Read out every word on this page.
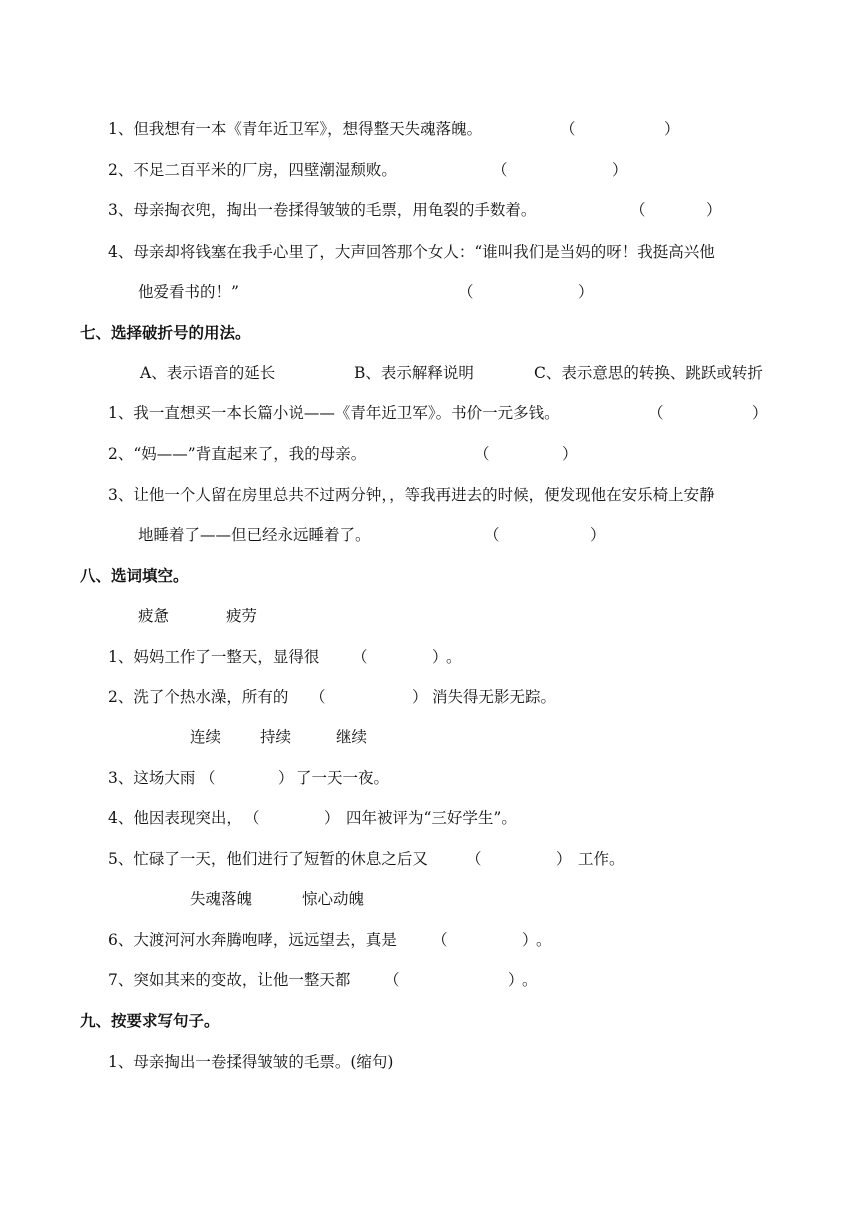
1、但我想有一本《青年近卫军》，想得整天失魂落魄。	（	）
2、不足二百平米的厂房，四壁潮湿颓败。	（	）
3、母亲掏衣兜，掏出一卷揉得皱皱的毛票，用龟裂的手数着。	（	）
4、母亲却将钱塞在我手心里了，大声回答那个女人：“谁叫我们是当妈的呀！我挺高兴他
他爱看书的！”	（	）
七、选择破折号的用法。
A、表示语音的延长	B、表示解释说明	C、表示意思的转换、跳跃或转折
1、我一直想买一本长篇小说——《青年近卫军》。书价一元多钱。	（	）
2、“妈——”背直起来了，我的母亲。	（	）
3、让他一个人留在房里总共不过两分钟，，等我再进去的时候，便发现他在安乐椅上安静
地睡着了——但已经永远睡着了。	（	）
八、选词填空。
疲惫	疲劳
1、妈妈工作了一整天，显得很 （	）
。
2、洗了个热水澡，所有的 （	） 消失得无影无踪。
连续	持续	继续
3、这场大雨 （	） 了一天一夜。
4、他因表现突出， （	） 四年被评为“三好学生”。
5、忙碌了一天，他们进行了短暂的休息之后又 （	） 工作。
失魂落魄	惊心动魄
6、大渡河河水奔腾咆哮，远远望去，真是 （	）
。
7、突如其来的变故，让他一整天都 （	）
。
九、按要求写句子。
1、母亲掏出一卷揉得皱皱的毛票。(缩句)
